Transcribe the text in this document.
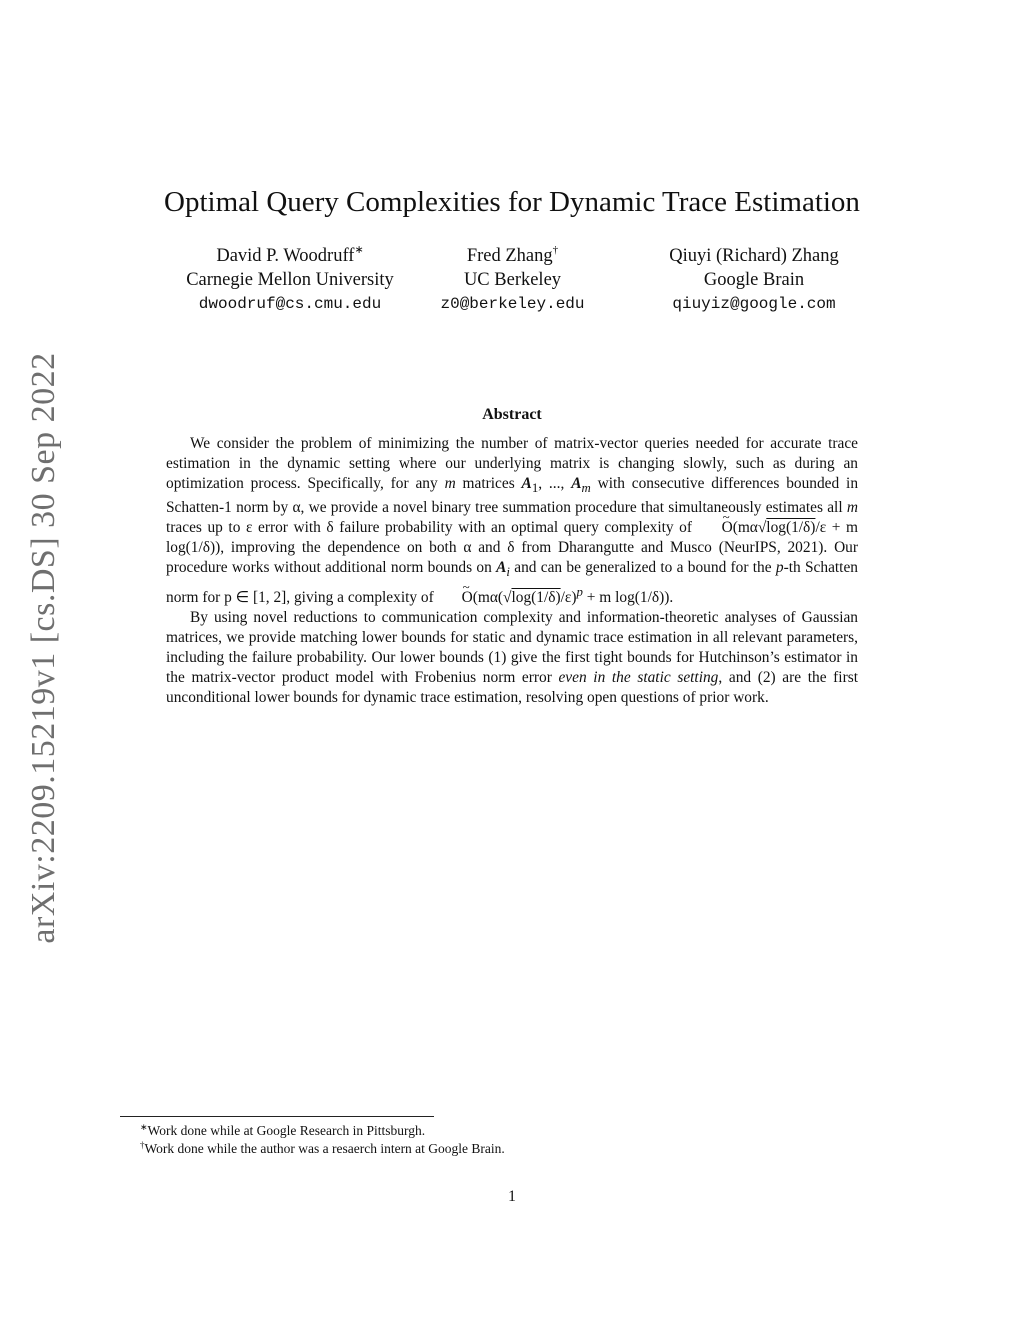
arXiv:2209.15219v1 [cs.DS] 30 Sep 2022
Optimal Query Complexities for Dynamic Trace Estimation
David P. Woodruff∗
Carnegie Mellon University
dwoodruf@cs.cmu.edu
Fred Zhang†
UC Berkeley
z0@berkeley.edu
Qiuyi (Richard) Zhang
Google Brain
qiuyiz@google.com
Abstract

We consider the problem of minimizing the number of matrix-vector queries needed for accurate trace estimation in the dynamic setting where our underlying matrix is changing slowly, such as during an optimization process. Specifically, for any m matrices $A_1$, ..., $A_m$ with consecutive differences bounded in Schatten-1 norm by α, we provide a novel binary tree summation procedure that simultaneously estimates all m traces up to ε error with δ failure probability with an optimal query complexity of ~ O(mα√log(1/δ)/ε + m log(1/δ)), improving the dependence on both α and δ from Dharangutte and Musco (NeurIPS, 2021). Our procedure works without additional norm bounds on $A_i$ and can be generalized to a bound for the p-th Schatten norm for p ∈ [1, 2], giving a complexity of ~ $O(m\alpha(√\log(1/\delta)/\varepsilon)^p + m$ log(1/δ)).

By using novel reductions to communication complexity and information-theoretic analyses of Gaussian matrices, we provide matching lower bounds for static and dynamic trace estimation in all relevant parameters, including the failure probability. Our lower bounds (1) give the first tight bounds for Hutchinson’s estimator in the matrix-vector product model with Frobenius norm error even in the static setting, and (2) are the first unconditional lower bounds for dynamic trace estimation, resolving open questions of prior work.

∗Work done while at Google Research in Pittsburgh.
†Work done while the author was a resaerch intern at Google Brain.
1
